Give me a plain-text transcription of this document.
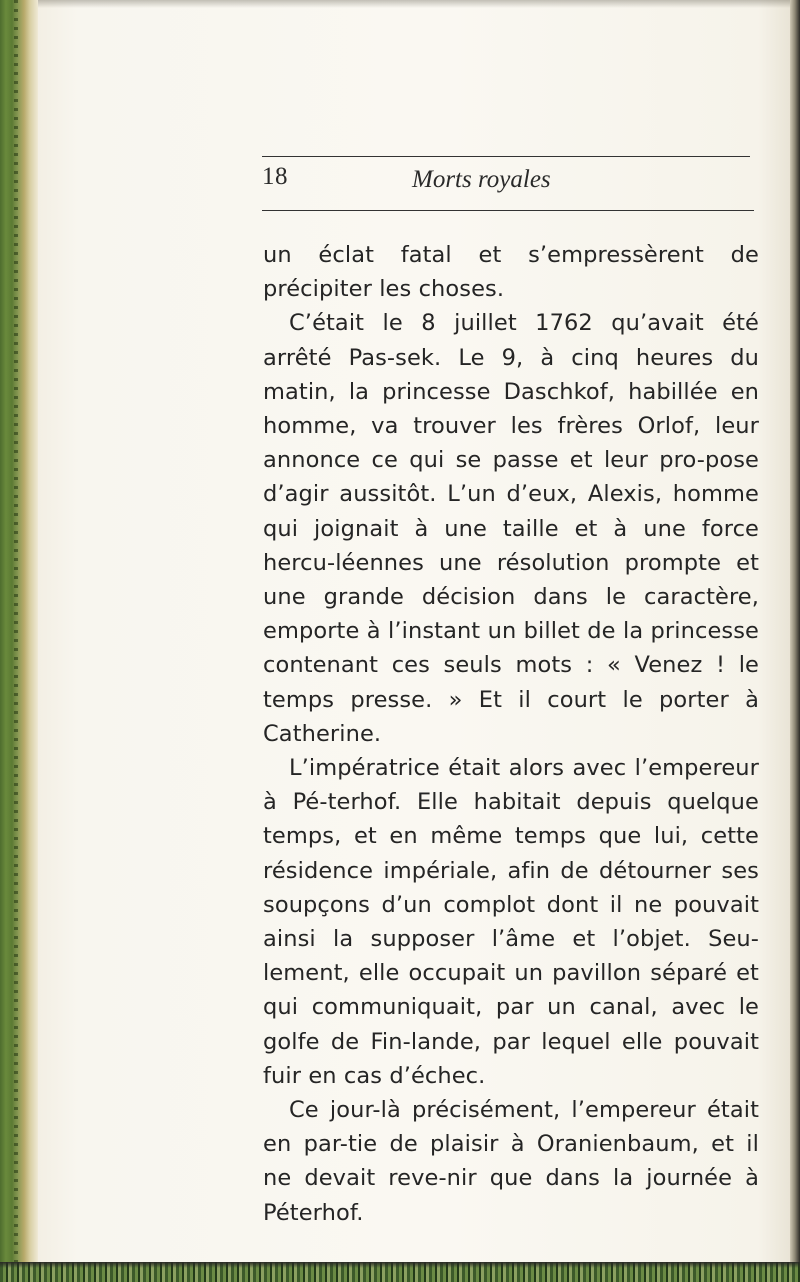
18	Morts royales

un éclat fatal et s’empressèrent de précipiter les choses.

C’était le 8 juillet 1762 qu’avait été arrêté Pas-sek. Le 9, à cinq heures du matin, la princesse Daschkof, habillée en homme, va trouver les frères Orlof, leur annonce ce qui se passe et leur pro-pose d’agir aussitôt. L’un d’eux, Alexis, homme qui joignait à une taille et à une force hercu-léennes une résolution prompte et une grande décision dans le caractère, emporte à l’instant un billet de la princesse contenant ces seuls mots : « Venez ! le temps presse. » Et il court le porter à Catherine.

L’impératrice était alors avec l’empereur à Pé-terhof. Elle habitait depuis quelque temps, et en même temps que lui, cette résidence impériale, afin de détourner ses soupçons d’un complot dont il ne pouvait ainsi la supposer l’âme et l’objet. Seu-lement, elle occupait un pavillon séparé et qui communiquait, par un canal, avec le golfe de Fin-lande, par lequel elle pouvait fuir en cas d’échec.

Ce jour-là précisément, l’empereur était en par-tie de plaisir à Oranienbaum, et il ne devait reve-nir que dans la journée à Péterhof.
